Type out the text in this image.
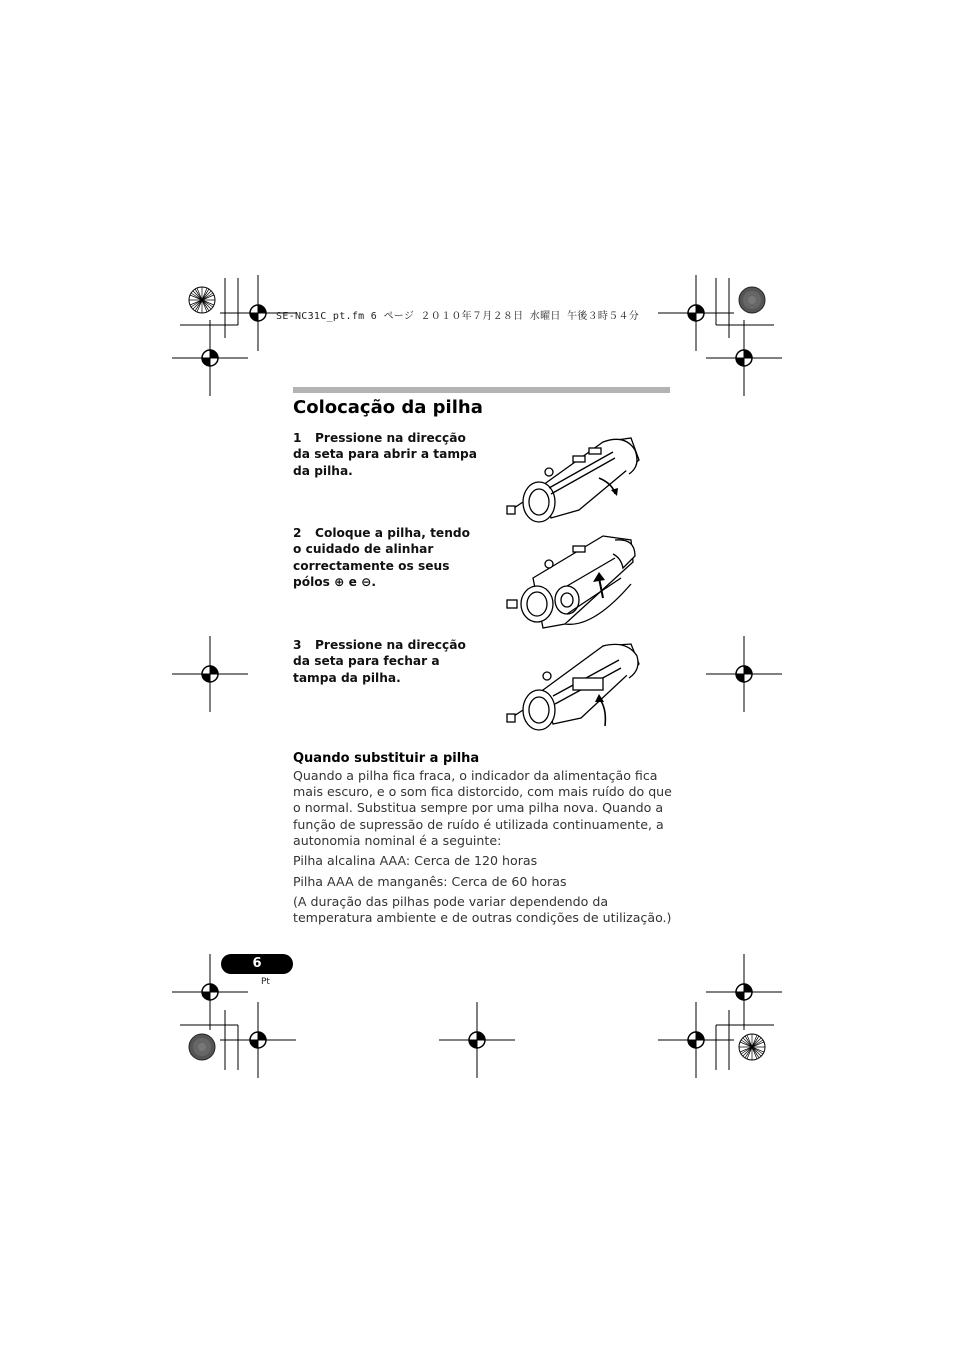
SE-NC31C_pt.fm 6 ページ ２０１０年７月２８日 水曜日 午後３時５４分
Colocação da pilha
1 Pressione na direcção da seta para abrir a tampa da pilha.
2 Coloque a pilha, tendo o cuidado de alinhar correctamente os seus pólos ⊕ e ⊖.
3 Pressione na direcção da seta para fechar a tampa da pilha.
Quando substituir a pilha
Quando a pilha fica fraca, o indicador da alimentação fica mais escuro, e o som fica distorcido, com mais ruído do que o normal. Substitua sempre por uma pilha nova. Quando a função de supressão de ruído é utilizada continuamente, a autonomia nominal é a seguinte:
Pilha alcalina AAA: Cerca de 120 horas
Pilha AAA de manganês: Cerca de 60 horas
(A duração das pilhas pode variar dependendo da temperatura ambiente e de outras condições de utilização.)
6
Pt
